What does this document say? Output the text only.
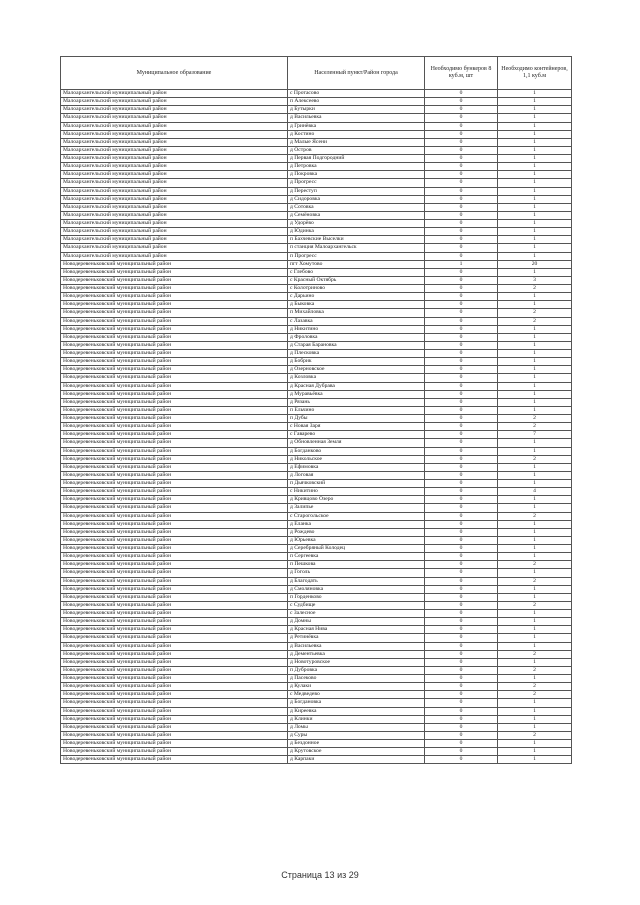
Муниципальное образование	Населенный пункт/Район города	Необходимо бункеров 8 куб.м, шт	Необходимо контейнеров, 1,1 куб.м
Малоархангельский муниципальный район	с Протасово	0	1
Малоархангельский муниципальный район	п Алексеево	0	1
Малоархангельский муниципальный район	д Бутырки	0	1
Малоархангельский муниципальный район	д Васильевка	0	1
Малоархангельский муниципальный район	д Гринёвка	0	1
Малоархангельский муниципальный район	д Костино	0	1
Малоархангельский муниципальный район	д Малые Ясени	0	1
Малоархангельский муниципальный район	д Остров	0	1
Малоархангельский муниципальный район	д Первая Подгородний	0	1
Малоархангельский муниципальный район	д Петровка	0	1
Малоархангельский муниципальный район	д Покровка	0	1
Малоархангельский муниципальный район	д Прогресс	0	1
Малоархангельский муниципальный район	д Переступ	0	1
Малоархангельский муниципальный район	д Сидоровка	0	1
Малоархангельский муниципальный район	д Сотовка	0	1
Малоархангельский муниципальный район	д Семёновка	0	1
Малоархангельский муниципальный район	д Удорёво	0	1
Малоархангельский муниципальный район	д Юдинка	0	1
Малоархангельский муниципальный район	п Бахчевские Выселки	0	1
Малоархангельский муниципальный район	п станция Малоархангельск	0	1
Малоархангельский муниципальный район	п Прогресс	0	1
Новодеревеньковский муниципальный район	пгт Хомутово	1	20
Новодеревеньковский муниципальный район	с Глебово	0	1
Новодеревеньковский муниципальный район	с Красный Октябрь	0	3
Новодеревеньковский муниципальный район	с Колотриново	0	2
Новодеревеньковский муниципальный район	с Дарьино	0	1
Новодеревеньковский муниципальный район	д Быковка	0	1
Новодеревеньковский муниципальный район	п Михайловка	0	2
Новодеревеньковский муниципальный район	с Лазавка	0	2
Новодеревеньковский муниципальный район	д Никитино	0	1
Новодеревеньковский муниципальный район	д Фроловка	0	1
Новодеревеньковский муниципальный район	д Старая Барановка	0	1
Новодеревеньковский муниципальный район	д Плесковка	0	1
Новодеревеньковский муниципальный район	д Бобрик	0	1
Новодеревеньковский муниципальный район	д Озерновское	0	1
Новодеревеньковский муниципальный район	д Козловка	0	1
Новодеревеньковский муниципальный район	д Красная Дубрава	0	1
Новодеревеньковский муниципальный район	д Муравьёвка	0	1
Новодеревеньковский муниципальный район	д Рязань	0	1
Новодеревеньковский муниципальный район	п Ельчино	0	1
Новодеревеньковский муниципальный район	п Дубы	0	2
Новодеревеньковский муниципальный район	с Новая Заря	0	2
Новодеревеньковский муниципальный район	с Гаварево	0	7
Новодеревеньковский муниципальный район	д Обновленная Земля	0	1
Новодеревеньковский муниципальный район	д Богданково	0	1
Новодеревеньковский муниципальный район	д Никольское	0	2
Новодеревеньковский муниципальный район	д Ефимовка	0	1
Новодеревеньковский муниципальный район	д Логовая	0	1
Новодеревеньковский муниципальный район	п Дьячковский	0	1
Новодеревеньковский муниципальный район	с Никитино	0	4
Новодеревеньковский муниципальный район	д Кривцово Озеро	0	1
Новодеревеньковский муниципальный район	д Залипье	0	1
Новодеревеньковский муниципальный район	с Старогольское	0	2
Новодеревеньковский муниципальный район	д Еланка	0	1
Новодеревеньковский муниципальный район	д Рождево	0	1
Новодеревеньковский муниципальный район	д Юрьевка	0	1
Новодеревеньковский муниципальный район	д Серебряный Колодец	0	1
Новодеревеньковский муниципальный район	п Сергеевка	0	1
Новодеревеньковский муниципальный район	п Пешкова	0	2
Новодеревеньковский муниципальный район	д Гоголь	0	1
Новодеревеньковский муниципальный район	д Благодать	0	2
Новодеревеньковский муниципальный район	д Смоляновка	0	1
Новодеревеньковский муниципальный район	п Горденково	0	1
Новодеревеньковский муниципальный район	с Судбище	0	2
Новодеревеньковский муниципальный район	с Залесное	0	1
Новодеревеньковский муниципальный район	д Домны	0	1
Новодеревеньковский муниципальный район	д Красная Нива	0	1
Новодеревеньковский муниципальный район	д Ретинёвка	0	1
Новодеревеньковский муниципальный район	д Васильевка	0	1
Новодеревеньковский муниципальный район	д Дементьевка	0	2
Новодеревеньковский муниципальный район	д Новотуровское	0	1
Новодеревеньковский муниципальный район	п Дубровка	0	2
Новодеревеньковский муниципальный район	д Пасеково	0	1
Новодеревеньковский муниципальный район	д Кулаки	0	2
Новодеревеньковский муниципальный район	с Медведево	0	2
Новодеревеньковский муниципальный район	д Богдановка	0	1
Новодеревеньковский муниципальный район	д Киреевка	0	1
Новодеревеньковский муниципальный район	д Клинки	0	1
Новодеревеньковский муниципальный район	д Ломы	0	1
Новодеревеньковский муниципальный район	д Суры	0	2
Новодеревеньковский муниципальный район	д Бездонное	0	1
Новодеревеньковский муниципальный район	д Крутовское	0	1
Новодеревеньковский муниципальный район	д Карпаки	0	1
Страница 13 из 29
